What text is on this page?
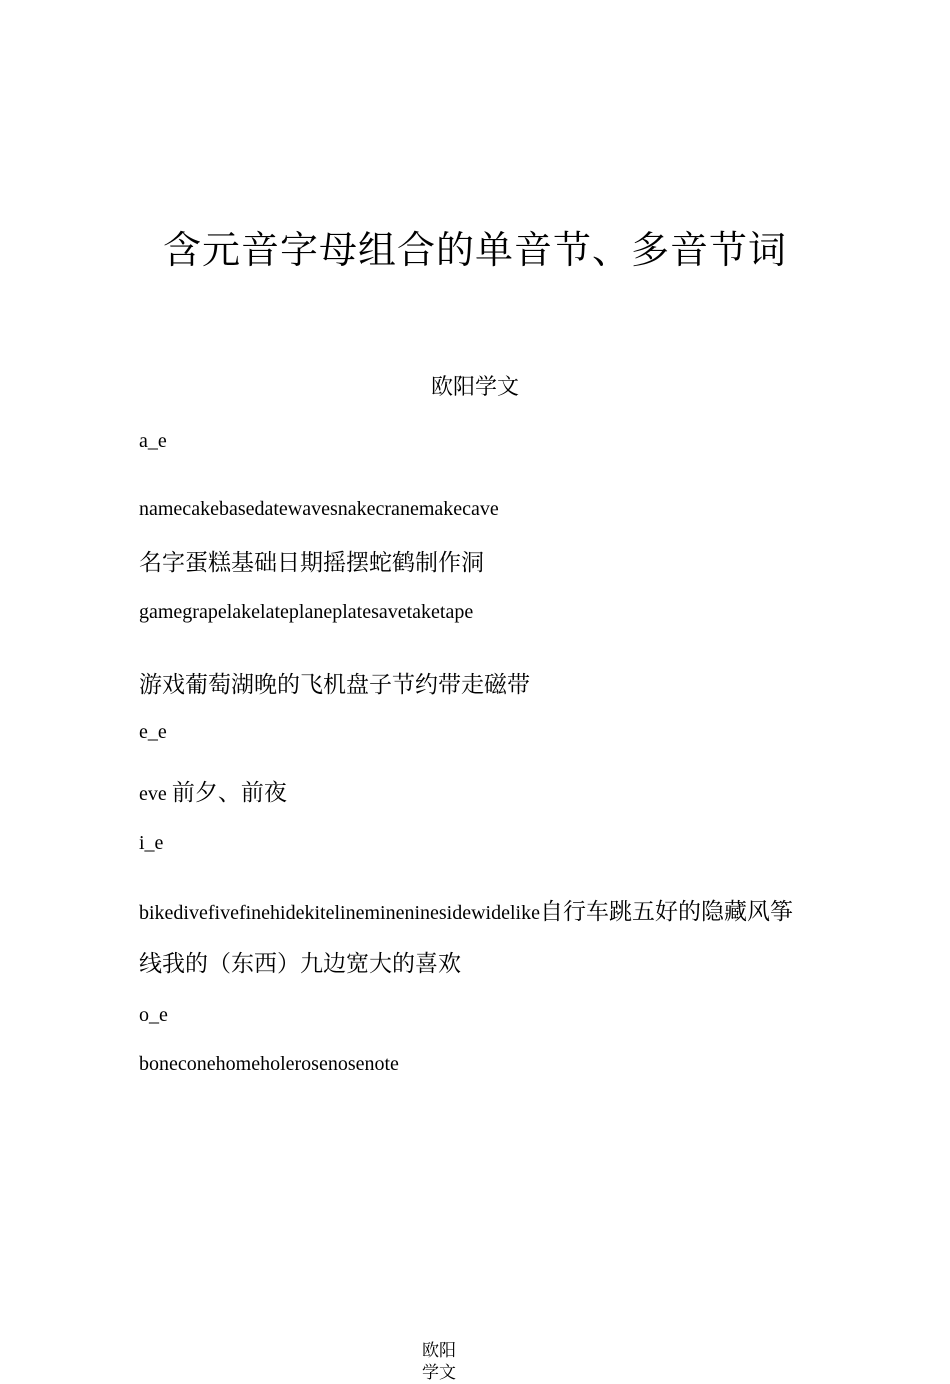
含元音字母组合的单音节、多音节词
欧阳学文
a_e
namecakebasedatewavesnakecranemakecave
名字蛋糕基础日期摇摆蛇鹤制作洞
gamegrapelakelateplaneplatesavetaketape
游戏葡萄湖晚的飞机盘子节约带走磁带
e_e
eve 前夕、前夜
i_e
bikedivefivefinehidekitelinemineninesidewidelike自行车跳五好的隐藏风筝线我的（东西）九边宽大的喜欢
o_e
boneconehomeholerosenosenote
欧阳学文
